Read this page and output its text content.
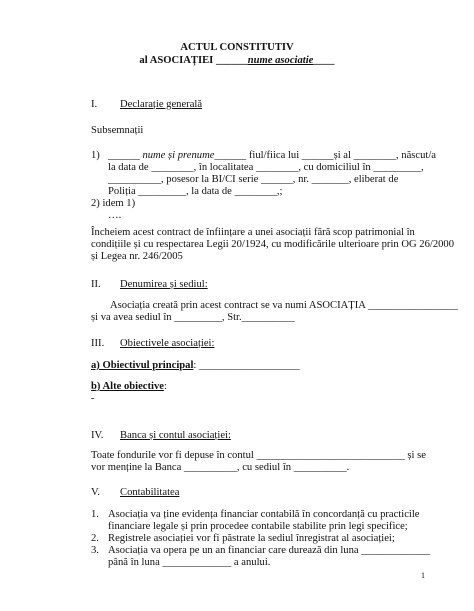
ACTUL CONSTITUTIV
al ASOCIAȚIEI ______nume asociatie____
I. Declarație generală
Subsemnații
1) ______ nume și prenume______ fiul/fiica lui ______și al ________, născut/a
la data de ________, în localitatea ________, cu domiciliul în _________,
__________, posesor la BI/CI serie ______, nr. _______, eliberat de
Poliția _________, la data de ________,;
2) idem 1)
….
Încheiem acest contract de înființare a unei asociații fără scop patrimonial în
condițiile și cu respectarea Legii 20/1924, cu modificările ulterioare prin OG 26/2000
și Legea nr. 246/2005
II. Denumirea și sediul:
Asociația creată prin acest contract se va numi ASOCIAȚIA _________________
și va avea sediul în _________, Str.__________
III. Obiectivele asociației:
a) Obiectivul principal: ___________________
b) Alte obiective:
-
IV. Banca și contul asociației:
Toate fondurile vor fi depuse în contul ____________________________ și se
vor menține la Banca __________, cu sediul în __________.
V. Contabilitatea
1. Asociația va ține evidența financiar contabilă în concordanță cu practicile
financiare legale și prin procedee contabile stabilite prin legi specifice;
2. Registrele asociației vor fi păstrate la sediul înregistrat al asociației;
3. Asociația va opera pe un an financiar care durează din luna _____________
până în luna _____________ a anului.
1
